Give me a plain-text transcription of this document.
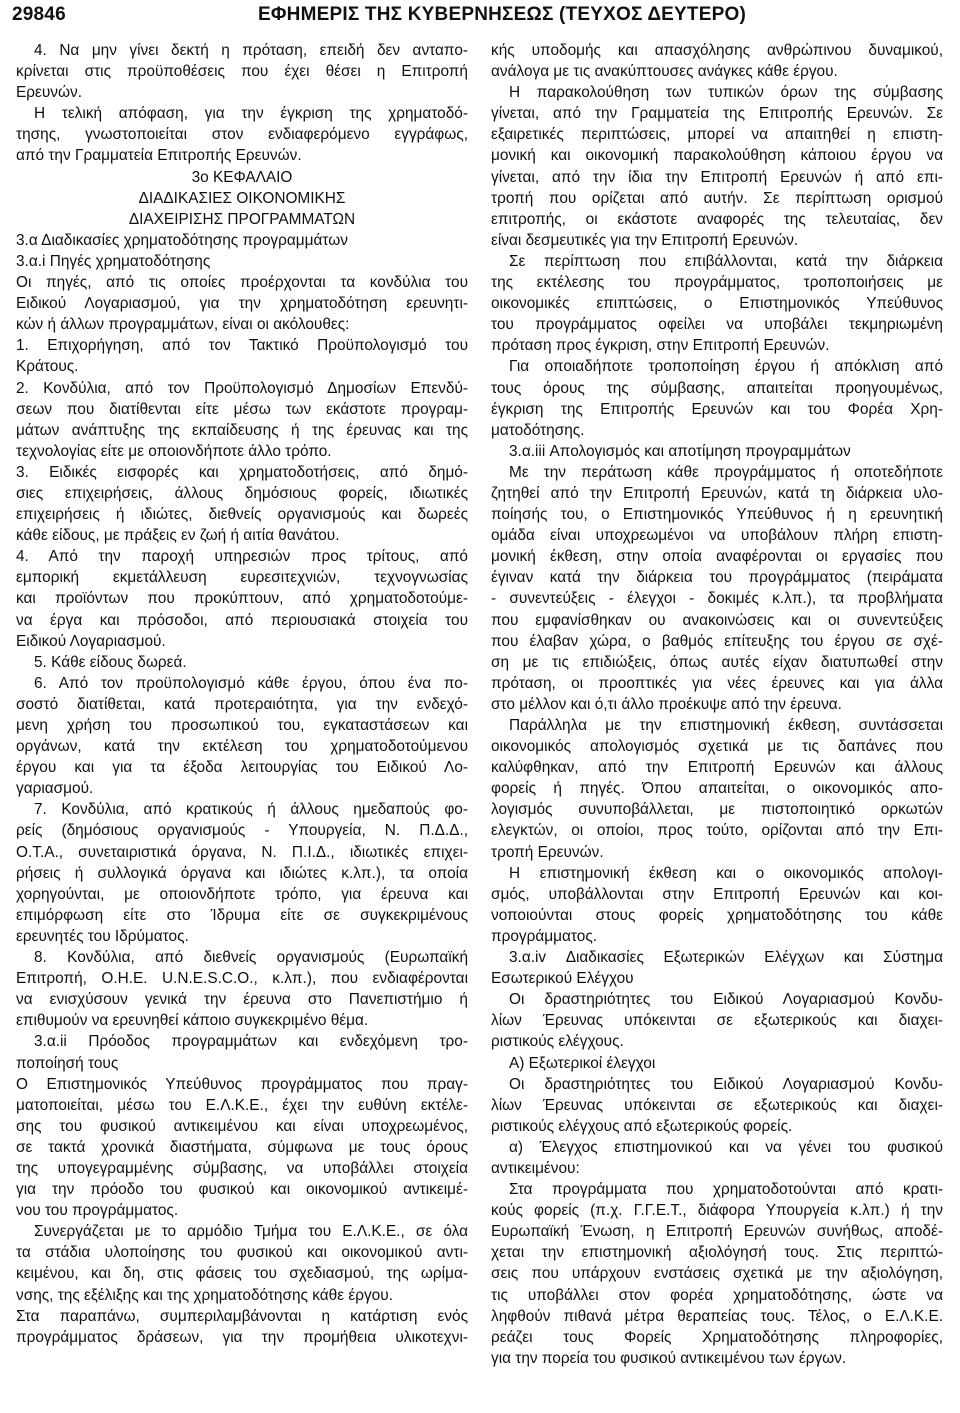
29846	ΕΦΗΜΕΡΙΣ ΤΗΣ ΚΥΒΕΡΝΗΣΕΩΣ (ΤΕΥΧΟΣ ΔΕΥΤΕΡΟ)
4. Να μην γίνει δεκτή η πρόταση, επειδή δεν ανταπο-
κρίνεται στις προϋποθέσεις που έχει θέσει η Επιτροπή
Ερευνών.
Η τελική απόφαση, για την έγκριση της χρηματοδό-
τησης, γνωστοποιείται στον ενδιαφερόμενο εγγράφως,
από την Γραμματεία Επιτροπής Ερευνών.
3ο ΚΕΦΑΛΑΙΟ
ΔΙΑΔΙΚΑΣΙΕΣ ΟΙΚΟΝΟΜΙΚΗΣ
ΔΙΑΧΕΙΡΙΣΗΣ ΠΡΟΓΡΑΜΜΑΤΩΝ
3.α Διαδικασίες χρηματοδότησης προγραμμάτων
3.α.i Πηγές χρηματοδότησης
Οι πηγές, από τις οποίες προέρχονται τα κονδύλια του
Ειδικού Λογαριασμού, για την χρηματοδότηση ερευνητι-
κών ή άλλων προγραμμάτων, είναι οι ακόλουθες:
1. Επιχορήγηση, από τον Τακτικό Προϋπολογισμό του
Κράτους.
2. Κονδύλια, από τον Προϋπολογισμό Δημοσίων Επενδύ-
σεων που διατίθενται είτε μέσω των εκάστοτε προγραμ-
μάτων ανάπτυξης της εκπαίδευσης ή της έρευνας και της
τεχνολογίας είτε με οποιονδήποτε άλλο τρόπο.
3. Ειδικές εισφορές και χρηματοδοτήσεις, από δημό-
σιες επιχειρήσεις, άλλους δημόσιους φορείς, ιδιωτικές
επιχειρήσεις ή ιδιώτες, διεθνείς οργανισμούς και δωρεές
κάθε είδους, με πράξεις εν ζωή ή αιτία θανάτου.
4. Από την παροχή υπηρεσιών προς τρίτους, από
εμπορική εκμετάλλευση ευρεσιτεχνιών, τεχνογνωσίας
και προϊόντων που προκύπτουν, από χρηματοδοτούμε-
να έργα και πρόσοδοι, από περιουσιακά στοιχεία του
Ειδικού Λογαριασμού.
5. Κάθε είδους δωρεά.
6. Από τον προϋπολογισμό κάθε έργου, όπου ένα πο-
σοστό διατίθεται, κατά προτεραιότητα, για την ενδεχό-
μενη χρήση του προσωπικού του, εγκαταστάσεων και
οργάνων, κατά την εκτέλεση του χρηματοδοτούμενου
έργου και για τα έξοδα λειτουργίας του Ειδικού Λο-
γαριασμού.
7. Κονδύλια, από κρατικούς ή άλλους ημεδαπούς φο-
ρείς (δημόσιους οργανισμούς - Υπουργεία, Ν. Π.Δ.Δ.,
Ο.Τ.Α., συνεταιριστικά όργανα, Ν. Π.Ι.Δ., ιδιωτικές επιχει-
ρήσεις ή συλλογικά όργανα και ιδιώτες κ.λπ.), τα οποία
χορηγούνται, με οποιονδήποτε τρόπο, για έρευνα και
επιμόρφωση είτε στο Ίδρυμα είτε σε συγκεκριμένους
ερευνητές του Ιδρύματος.
8. Κονδύλια, από διεθνείς οργανισμούς (Ευρωπαϊκή
Επιτροπή, Ο.Η.Ε. U.N.E.S.C.O., κ.λπ.), που ενδιαφέρονται
να ενισχύσουν γενικά την έρευνα στο Πανεπιστήμιο ή
επιθυμούν να ερευνηθεί κάποιο συγκεκριμένο θέμα.
3.α.ii Πρόοδος προγραμμάτων και ενδεχόμενη τρο-
ποποίησή τους
Ο Επιστημονικός Υπεύθυνος προγράμματος που πραγ-
ματοποιείται, μέσω του Ε.Λ.Κ.Ε., έχει την ευθύνη εκτέλε-
σης του φυσικού αντικειμένου και είναι υποχρεωμένος,
σε τακτά χρονικά διαστήματα, σύμφωνα με τους όρους
της υπογεγραμμένης σύμβασης, να υποβάλλει στοιχεία
για την πρόοδο του φυσικού και οικονομικού αντικειμέ-
νου του προγράμματος.
Συνεργάζεται με το αρμόδιο Τμήμα του Ε.Λ.Κ.Ε., σε όλα
τα στάδια υλοποίησης του φυσικού και οικονομικού αντι-
κειμένου, και δη, στις φάσεις του σχεδιασμού, της ωρίμα-
νσης, της εξέλιξης και της χρηματοδότησης κάθε έργου.
Στα παραπάνω, συμπεριλαμβάνονται η κατάρτιση ενός
προγράμματος δράσεων, για την προμήθεια υλικοτεχνι-
κής υποδομής και απασχόλησης ανθρώπινου δυναμικού,
ανάλογα με τις ανακύπτουσες ανάγκες κάθε έργου.
Η παρακολούθηση των τυπικών όρων της σύμβασης
γίνεται, από την Γραμματεία της Επιτροπής Ερευνών. Σε
εξαιρετικές περιπτώσεις, μπορεί να απαιτηθεί η επιστη-
μονική και οικονομική παρακολούθηση κάποιου έργου να
γίνεται, από την ίδια την Επιτροπή Ερευνών ή από επι-
τροπή που ορίζεται από αυτήν. Σε περίπτωση ορισμού
επιτροπής, οι εκάστοτε αναφορές της τελευταίας, δεν
είναι δεσμευτικές για την Επιτροπή Ερευνών.
Σε περίπτωση που επιβάλλονται, κατά την διάρκεια
της εκτέλεσης του προγράμματος, τροποποιήσεις με
οικονομικές επιπτώσεις, ο Επιστημονικός Υπεύθυνος
του προγράμματος οφείλει να υποβάλει τεκμηριωμένη
πρόταση προς έγκριση, στην Επιτροπή Ερευνών.
Για οποιαδήποτε τροποποίηση έργου ή απόκλιση από
τους όρους της σύμβασης, απαιτείται προηγουμένως,
έγκριση της Επιτροπής Ερευνών και του Φορέα Χρη-
ματοδότησης.
3.α.iii Απολογισμός και αποτίμηση προγραμμάτων
Με την περάτωση κάθε προγράμματος ή οποτεδήποτε
ζητηθεί από την Επιτροπή Ερευνών, κατά τη διάρκεια υλο-
ποίησής του, ο Επιστημονικός Υπεύθυνος ή η ερευνητική
ομάδα είναι υποχρεωμένοι να υποβάλουν πλήρη επιστη-
μονική έκθεση, στην οποία αναφέρονται οι εργασίες που
έγιναν κατά την διάρκεια του προγράμματος (πειράματα
- συνεντεύξεις - έλεγχοι - δοκιμές κ.λπ.), τα προβλήματα
που εμφανίσθηκαν ου ανακοινώσεις και οι συνεντεύξεις
που έλαβαν χώρα, ο βαθμός επίτευξης του έργου σε σχέ-
ση με τις επιδιώξεις, όπως αυτές είχαν διατυπωθεί στην
πρόταση, οι προοπτικές για νέες έρευνες και για άλλα
στο μέλλον και ό,τι άλλο προέκυψε από την έρευνα.
Παράλληλα με την επιστημονική έκθεση, συντάσσεται
οικονομικός απολογισμός σχετικά με τις δαπάνες που
καλύφθηκαν, από την Επιτροπή Ερευνών και άλλους
φορείς ή πηγές. Όπου απαιτείται, ο οικονομικός απο-
λογισμός συνυποβάλλεται, με πιστοποιητικό ορκωτών
ελεγκτών, οι οποίοι, προς τούτο, ορίζονται από την Επι-
τροπή Ερευνών.
Η επιστημονική έκθεση και ο οικονομικός απολογι-
σμός, υποβάλλονται στην Επιτροπή Ερευνών και κοι-
νοποιούνται στους φορείς χρηματοδότησης του κάθε
προγράμματος.
3.α.iv Διαδικασίες Εξωτερικών Ελέγχων και Σύστημα
Εσωτερικού Ελέγχου
Οι δραστηριότητες του Ειδικού Λογαριασμού Κονδυ-
λίων Έρευνας υπόκεινται σε εξωτερικούς και διαχει-
ριστικούς ελέγχους.
Α) Εξωτερικοί έλεγχοι
Οι δραστηριότητες του Ειδικού Λογαριασμού Κονδυ-
λίων Έρευνας υπόκεινται σε εξωτερικούς και διαχει-
ριστικούς ελέγχους από εξωτερικούς φορείς.
α) Έλεγχος επιστημονικού και να γένει του φυσικού
αντικειμένου:
Στα προγράμματα που χρηματοδοτούνται από κρατι-
κούς φορείς (π.χ. Γ.Γ.Ε.Τ., διάφορα Υπουργεία κ.λπ.) ή την
Ευρωπαϊκή Ένωση, η Επιτροπή Ερευνών συνήθως, αποδέ-
χεται την επιστημονική αξιολόγησή τους. Στις περιπτώ-
σεις που υπάρχουν ενστάσεις σχετικά με την αξιολόγηση,
τις υποβάλλει στον φορέα χρηματοδότησης, ώστε να
ληφθούν πιθανά μέτρα θεραπείας τους. Τέλος, ο Ε.Λ.Κ.Ε.
ρεάζει τους Φορείς Χρηματοδότησης πληροφορίες,
για την πορεία του φυσικού αντικειμένου των έργων.
